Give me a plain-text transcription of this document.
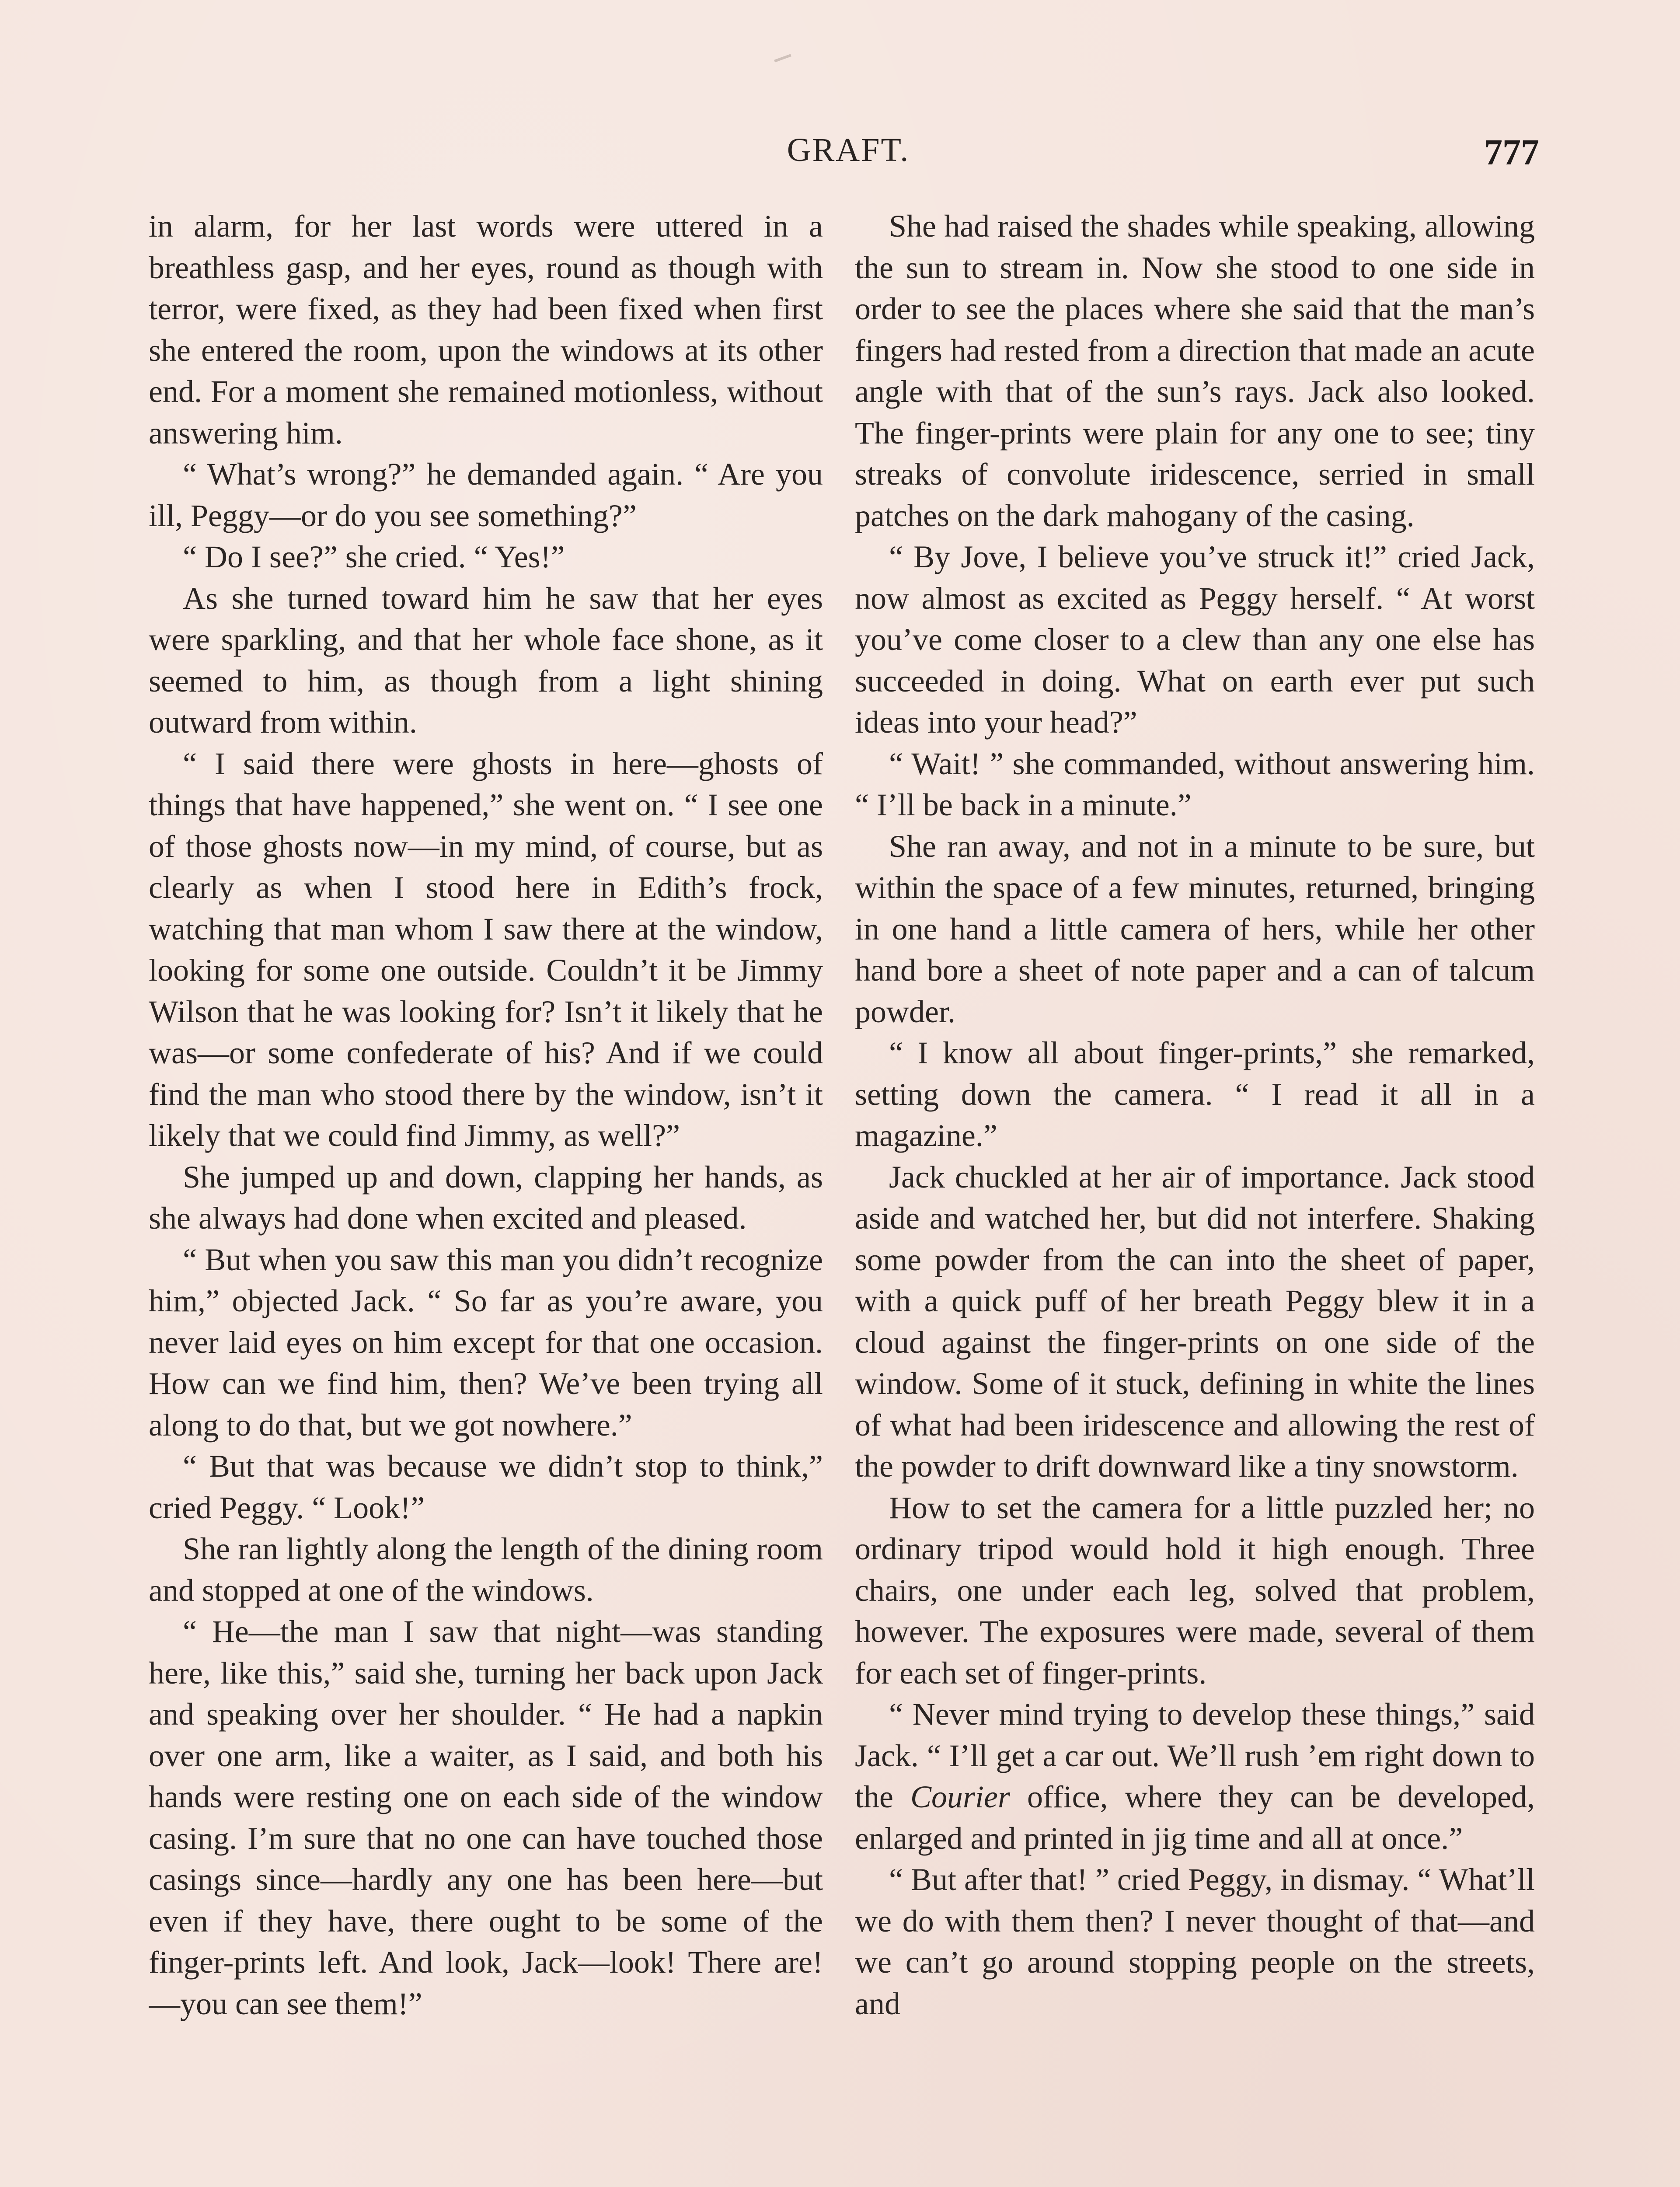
GRAFT.	777

in alarm, for her last words were uttered in a breathless gasp, and her eyes, round as though with terror, were fixed, as they had been fixed when first she entered the room, upon the windows at its other end. For a moment she remained motionless, without answering him.

“ What’s wrong?” he demanded again. “ Are you ill, Peggy—or do you see something?”

“ Do I see?” she cried. “ Yes!”

As she turned toward him he saw that her eyes were sparkling, and that her whole face shone, as it seemed to him, as though from a light shining outward from within.

“ I said there were ghosts in here—ghosts of things that have happened,” she went on. “ I see one of those ghosts now—in my mind, of course, but as clearly as when I stood here in Edith’s frock, watching that man whom I saw there at the window, looking for some one outside. Couldn’t it be Jimmy Wilson that he was looking for? Isn’t it likely that he was—or some confederate of his? And if we could find the man who stood there by the window, isn’t it likely that we could find Jimmy, as well?”

She jumped up and down, clapping her hands, as she always had done when excited and pleased.

“ But when you saw this man you didn’t recognize him,” objected Jack. “ So far as you’re aware, you never laid eyes on him except for that one occasion. How can we find him, then? We’ve been trying all along to do that, but we got nowhere.”

“ But that was because we didn’t stop to think,” cried Peggy. “ Look!”

She ran lightly along the length of the dining room and stopped at one of the windows.

“ He—the man I saw that night—was standing here, like this,” said she, turning her back upon Jack and speaking over her shoulder. “ He had a napkin over one arm, like a waiter, as I said, and both his hands were resting one on each side of the window casing. I’m sure that no one can have touched those casings since—hardly any one has been here—but even if they have, there ought to be some of the finger-prints left. And look, Jack—look! There are! —you can see them!”

She had raised the shades while speaking, allowing the sun to stream in. Now she stood to one side in order to see the places where she said that the man’s fingers had rested from a direction that made an acute angle with that of the sun’s rays. Jack also looked. The finger-prints were plain for any one to see; tiny streaks of convolute iridescence, serried in small patches on the dark mahogany of the casing.

“ By Jove, I believe you’ve struck it!” cried Jack, now almost as excited as Peggy herself. “ At worst you’ve come closer to a clew than any one else has succeeded in doing. What on earth ever put such ideas into your head?”

“ Wait! ” she commanded, without answering him. “ I’ll be back in a minute.”

She ran away, and not in a minute to be sure, but within the space of a few minutes, returned, bringing in one hand a little camera of hers, while her other hand bore a sheet of note paper and a can of talcum powder.

“ I know all about finger-prints,” she remarked, setting down the camera. “ I read it all in a magazine.”

Jack chuckled at her air of importance. Jack stood aside and watched her, but did not interfere. Shaking some powder from the can into the sheet of paper, with a quick puff of her breath Peggy blew it in a cloud against the finger-prints on one side of the window. Some of it stuck, defining in white the lines of what had been iridescence and allowing the rest of the powder to drift downward like a tiny snowstorm.

How to set the camera for a little puzzled her; no ordinary tripod would hold it high enough. Three chairs, one under each leg, solved that problem, however. The exposures were made, several of them for each set of finger-prints.

“ Never mind trying to develop these things,” said Jack. “ I’ll get a car out. We’ll rush ’em right down to the Courier office, where they can be developed, enlarged and printed in jig time and all at once.”

“ But after that! ” cried Peggy, in dismay. “ What’ll we do with them then? I never thought of that—and we can’t go around stopping people on the streets, and
